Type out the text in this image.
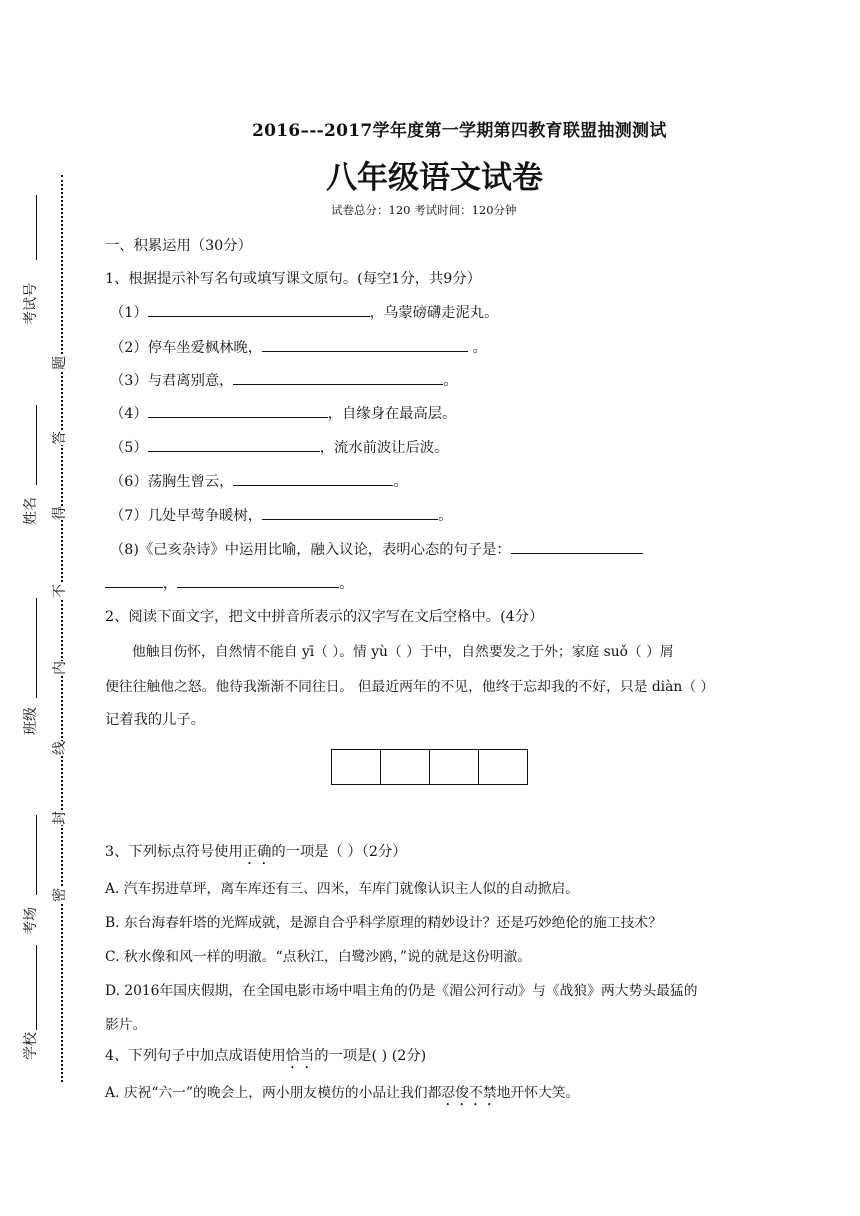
考试号
姓名
班级
考场
学校
题
答
得
不
内
线
封
密
2016–--2017学年度第一学期第四教育联盟抽测测试
八年级语文试卷
试卷总分：120 考试时间：120分钟
一、积累运用（30分）
1、根据提示补写名句或填写课文原句。(每空1分，共9分）
（1）	，乌蒙磅礴走泥丸。
（2）停车坐爱枫林晚，	。
（3）与君离别意，	。
（4）	，自缘身在最高层。
（5）	，流水前波让后波。
（6）荡胸生曾云，	。
（7）几处早莺争暖树，	。
（8)《己亥杂诗》中运用比喻，融入议论，表明心态的句子是：
，	。
2、阅读下面文字，把文中拼音所表示的汉字写在文后空格中。(4分）
他触目伤怀，自然情不能自 yī（ ）。情 yù（ ）于中，自然要发之于外；家庭 suǒ（ ）屑
便往往触他之怒。他待我渐渐不同往日。 但最近两年的不见，他终于忘却我的不好，只是 diàn（ ）
记着我的儿子。
3、下列标点符号使用正确的一项是（ ）（2分）
A. 汽车拐进草坪，离车库还有三、四米，车库门就像认识主人似的自动掀启。
B. 东台海春轩塔的光辉成就，是源自合乎科学原理的精妙设计？还是巧妙绝伦的施工技术？
C. 秋水像和风一样的明澈。“点秋江，白鹭沙鸥，”说的就是这份明澈。
D. 2016年国庆假期，在全国电影市场中唱主角的仍是《湄公河行动》与《战狼》两大势头最猛的
影片。
4、下列句子中加点成语使用恰当的一项是( ) (2分)
A. 庆祝“六一”的晚会上，两小朋友模仿的小品让我们都忍俊不禁地开怀大笑。
